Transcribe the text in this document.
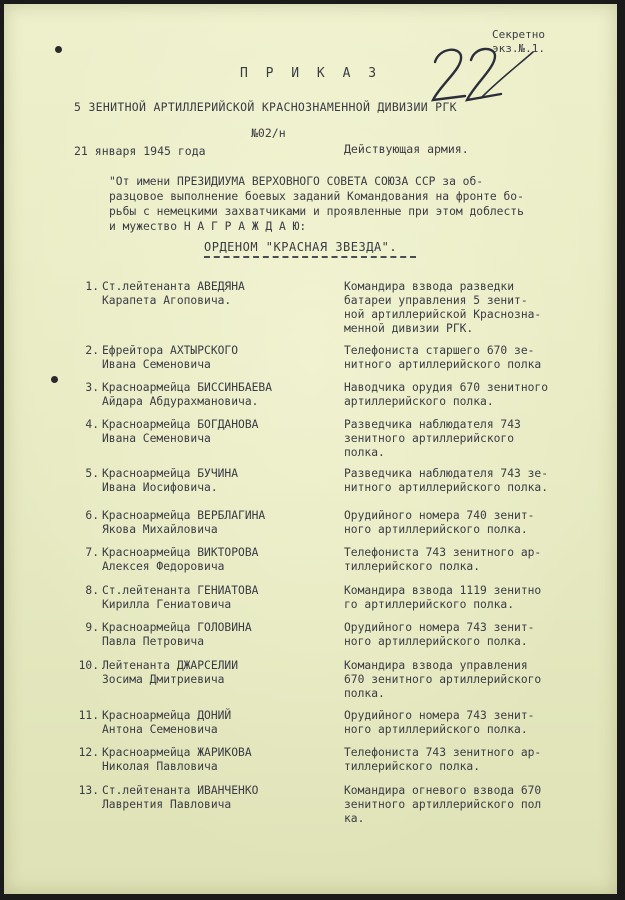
Секретно
экз.№.1.
П Р И К А З
5 ЗЕНИТНОЙ АРТИЛЛЕРИЙСКОЙ КРАСНОЗНАМЕННОЙ ДИВИЗИИ РГК
№02/н
21 января 1945 года	Действующая армия.
"От имени ПРЕЗИДИУМА ВЕРХОВНОГО СОВЕТА СОЮЗА ССР за об-
разцовое выполнение боевых заданий Командования на фронте бо-
рьбы с немецкими захватчиками и проявленные при этом доблесть
и мужество Н А Г Р А Ж Д А Ю:
ОРДЕНОМ "КРАСНАЯ ЗВЕЗДА".
1. Ст.лейтенанта АВЕДЯНА
Карапета Агоповича.
Командира взвода разведки
батареи управления 5 зенит-
ной артиллерийской Краснозна-
менной дивизии РГК.
2. Ефрейтора АХТЫРСКОГО
Ивана Семеновича
Телефониста старшего 670 зе-
нитного артиллерийского полка
3. Красноармейца БИССИНБАЕВА
Айдара Абдурахмановича.
Наводчика орудия 670 зенитного
артиллерийского полка.
4. Красноармейца БОГДАНОВА
Ивана Семеновича
Разведчика наблюдателя 743
зенитного артиллерийского
полка.
5. Красноармейца БУЧИНА
Ивана Иосифовича.
Разведчика наблюдателя 743 зе-
нитного артиллерийского полка.
6. Красноармейца ВЕРБЛАГИНА
Якова Михайловича
Орудийного номера 740 зенит-
ного артиллерийского полка.
7. Красноармейца ВИКТОРОВА
Алексея Федоровича
Телефониста 743 зенитного ар-
тиллерийского полка.
8. Ст.лейтенанта ГЕНИАТОВА
Кирилла Гениатовича
Командира взвода 1119 зенитно
го артиллерийского полка.
9. Красноармейца ГОЛОВИНА
Павла Петровича
Орудийного номера 743 зенит-
ного артиллерийского полка.
10. Лейтенанта ДЖАРСЕЛИИ
Зосима Дмитриевича
Командира взвода управления
670 зенитного артиллерийского
полка.
11. Красноармейца ДОНИЙ
Антона Семеновича
Орудийного номера 743 зенит-
ного артиллерийского полка.
12. Красноармейца ЖАРИКОВА
Николая Павловича
Телефониста 743 зенитного ар-
тиллерийского полка.
13. Ст.лейтенанта ИВАНЧЕНКО
Лаврентия Павловича
Командира огневого взвода 670
зенитного артиллерийского пол
ка.
